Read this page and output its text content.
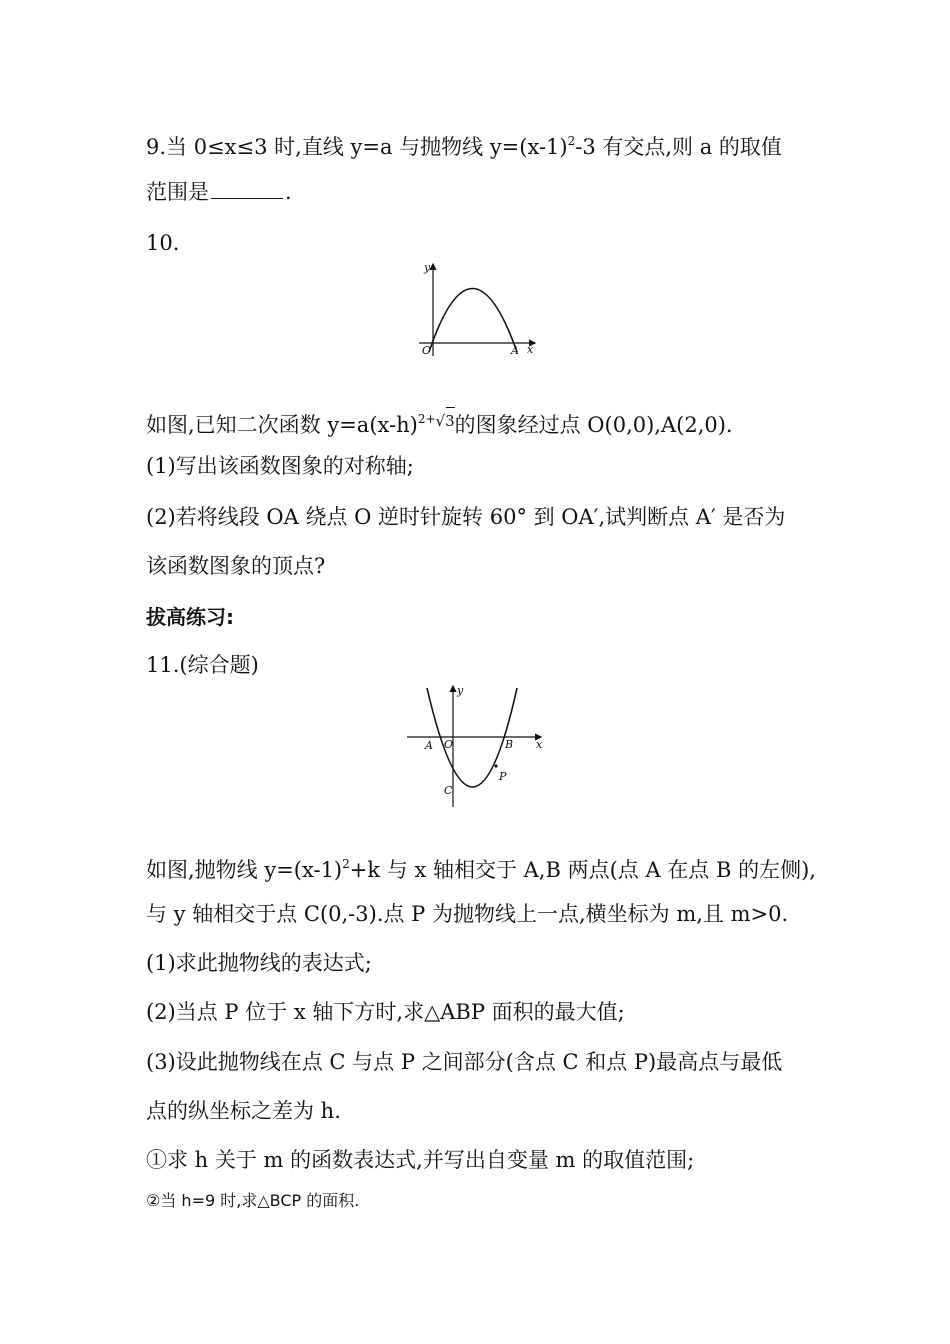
9.当 0≤x≤3 时,直线 y=a 与抛物线 $y=(x-1)^2-3$ 有交点,则 a 的取值
范围是	.
10.
y
x
O	A
如图,已知二次函数 $y=a(x-h)^{2+}√3$
的图象经过点 O(0,0),A(2,0).
(1)写出该函数图象的对称轴;
(2)若将线段 OA 绕点 O 逆时针旋转 60° 到 OA′,试判断点 A′ 是否为
该函数图象的顶点?
拔高练习:
11.(综合题)
y
x
A O	B
C
P
如图,抛物线 $y=(x-1)^2+k$ 与 x 轴相交于 A,B 两点(点 A 在点 B 的左侧),
与 y 轴相交于点 C(0,-3).点 P 为抛物线上一点,横坐标为 m,且 m>0.
(1)求此抛物线的表达式;
(2)当点 P 位于 x 轴下方时,求△ABP 面积的最大值;
(3)设此抛物线在点 C 与点 P 之间部分(含点 C 和点 P)最高点与最低
点的纵坐标之差为 h.
①求 h 关于 m 的函数表达式,并写出自变量 m 的取值范围;
②当 h=9 时,求△BCP 的面积.
